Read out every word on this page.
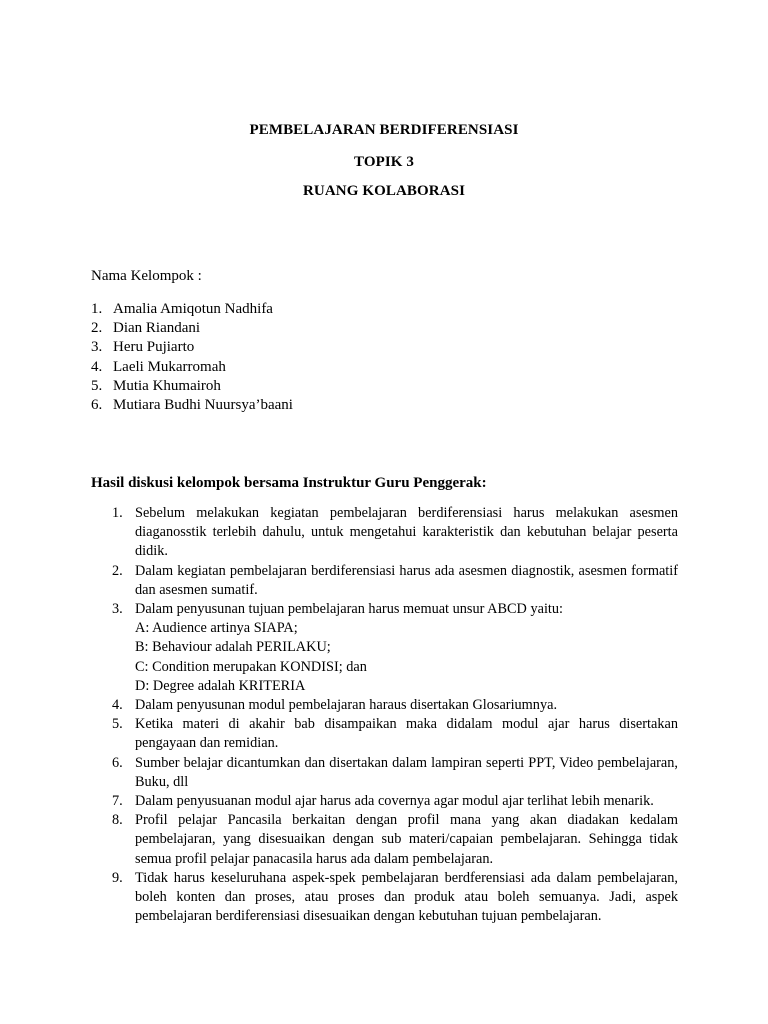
PEMBELAJARAN BERDIFERENSIASI
TOPIK 3
RUANG KOLABORASI
Nama Kelompok :
1. Amalia Amiqotun Nadhifa
2. Dian Riandani
3. Heru Pujiarto
4. Laeli Mukarromah
5. Mutia Khumairoh
6. Mutiara Budhi Nuursya’baani
Hasil diskusi kelompok bersama Instruktur Guru Penggerak:
1. Sebelum melakukan kegiatan pembelajaran berdiferensiasi harus melakukan asesmen diaganosstik terlebih dahulu, untuk mengetahui karakteristik dan kebutuhan belajar peserta didik.
2. Dalam kegiatan pembelajaran berdiferensiasi harus ada asesmen diagnostik, asesmen formatif dan asesmen sumatif.
3. Dalam penyusunan tujuan pembelajaran harus memuat unsur ABCD yaitu:
A: Audience artinya SIAPA;
B: Behaviour adalah PERILAKU;
C: Condition merupakan KONDISI; dan
D: Degree adalah KRITERIA
4. Dalam penyusunan modul pembelajaran haraus disertakan Glosariumnya.
5. Ketika materi di akahir bab disampaikan maka didalam modul ajar harus disertakan pengayaan dan remidian.
6. Sumber belajar dicantumkan dan disertakan dalam lampiran seperti PPT, Video pembelajaran, Buku, dll
7. Dalam penyusuanan modul ajar harus ada covernya agar modul ajar terlihat lebih menarik.
8. Profil pelajar Pancasila berkaitan dengan profil mana yang akan diadakan kedalam pembelajaran, yang disesuaikan dengan sub materi/capaian pembelajaran. Sehingga tidak semua profil pelajar panacasila harus ada dalam pembelajaran.
9. Tidak harus keseluruhana aspek-spek pembelajaran berdferensiasi ada dalam pembelajaran, boleh konten dan proses, atau proses dan produk atau boleh semuanya. Jadi, aspek pembelajaran berdiferensiasi disesuaikan dengan kebutuhan tujuan pembelajaran.
